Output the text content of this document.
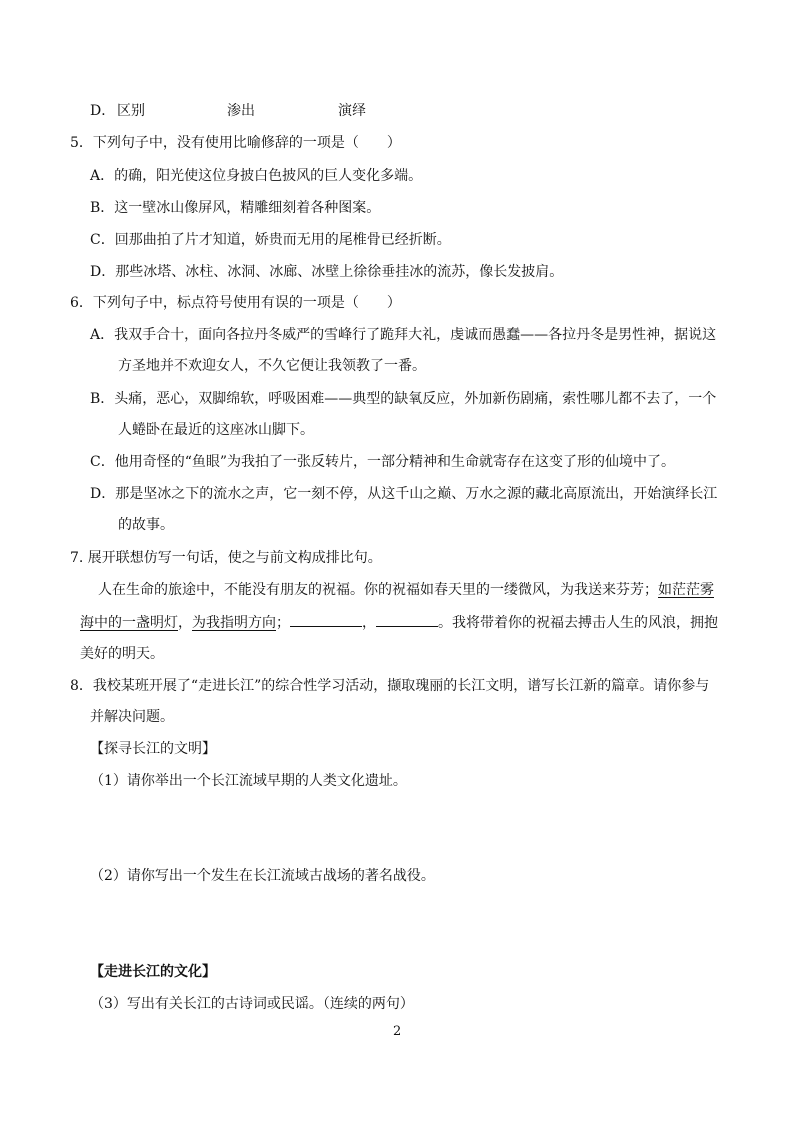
D． 区别	渗出	演绎
5．下列句子中，没有使用比喻修辞的一项是（　　）
A．的确，阳光使这位身披白色披风的巨人变化多端。
B．这一壁冰山像屏风，精雕细刻着各种图案。
C．回那曲拍了片才知道，娇贵而无用的尾椎骨已经折断。
D．那些冰塔、冰柱、冰洞、冰廊、冰壁上徐徐垂挂冰的流苏，像长发披肩。
6．下列句子中，标点符号使用有误的一项是（　　）
A．我双手合十，面向各拉丹冬威严的雪峰行了跪拜大礼，虔诚而愚蠢——各拉丹冬是男性神，据说这
方圣地并不欢迎女人，不久它便让我领教了一番。
B．头痛，恶心，双脚绵软，呼吸困难——典型的缺氧反应，外加新伤剧痛，索性哪儿都不去了，一个
人蜷卧在最近的这座冰山脚下。
C．他用奇怪的“鱼眼”为我拍了一张反转片，一部分精神和生命就寄存在这变了形的仙境中了。
D．那是坚冰之下的流水之声，它一刻不停，从这千山之巅、万水之源的藏北高原流出，开始演绎长江
的故事。
7. 展开联想仿写一句话，使之与前文构成排比句。
人在生命的旅途中，不能没有朋友的祝福。你的祝福如春天里的一缕微风，为我送来芬芳；如茫茫雾
海中的一盏明灯，为我指明方向；	，	。我将带着你的祝福去搏击人生的风浪，拥抱
美好的明天。
8．我校某班开展了“走进长江”的综合性学习活动，撷取瑰丽的长江文明，谱写长江新的篇章。请你参与
并解决问题。
【探寻长江的文明】
（1）请你举出一个长江流域早期的人类文化遗址。
（2）请你写出一个发生在长江流域古战场的著名战役。
【走进长江的文化】
（3）写出有关长江的古诗词或民谣。（连续的两句）
2
